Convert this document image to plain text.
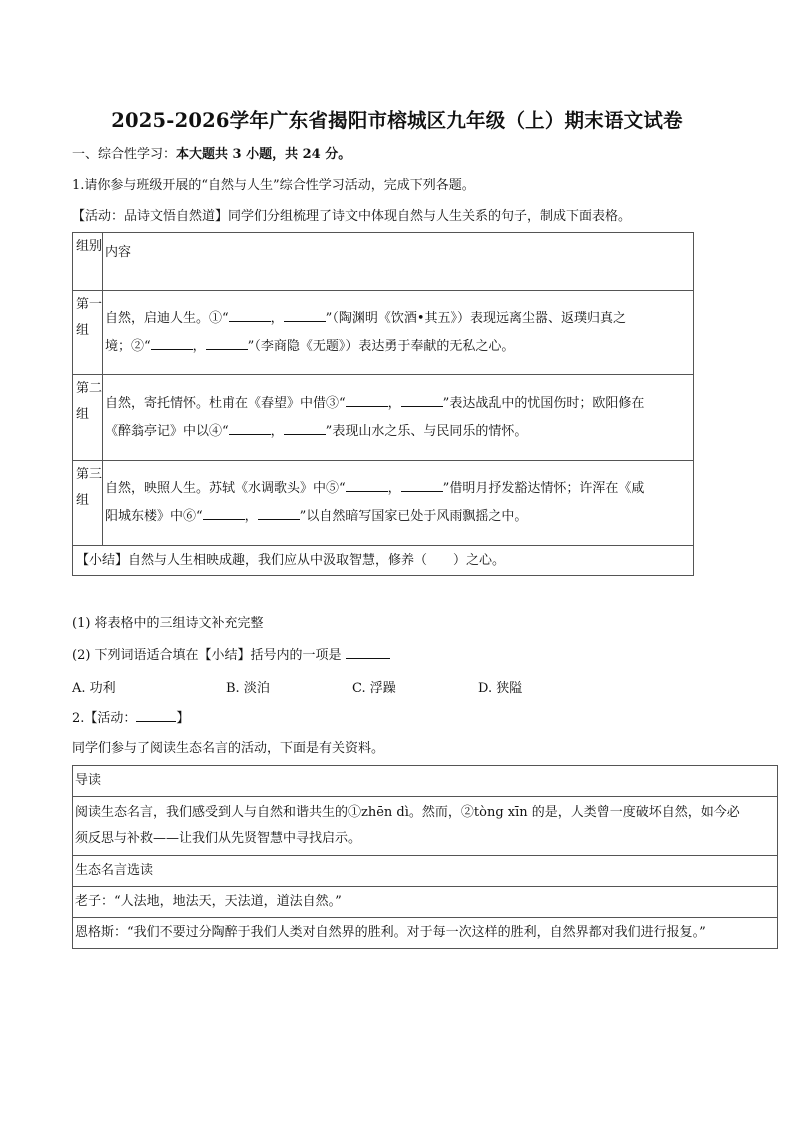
2025-2026学年广东省揭阳市榕城区九年级（上）期末语文试卷
一、综合性学习：本大题共 3 小题，共 24 分。
1.请你参与班级开展的“自然与人生”综合性学习活动，完成下列各题。
【活动：品诗文悟自然道】同学们分组梳理了诗文中体现自然与人生关系的句子，制成下面表格。
组别	内容
第一组	自然，启迪人生。①“ ， ”（陶渊明《饮酒•其五》）表现远离尘嚣、返璞归真之
境；②“ ， ”（李商隐《无题》）表达勇于奉献的无私之心。
第二组	自然，寄托情怀。杜甫在《春望》中借③“ ， ”表达战乱中的忧国伤时；欧阳修在
《醉翁亭记》中以④“ ， ”表现山水之乐、与民同乐的情怀。
第三组	自然，映照人生。苏轼《水调歌头》中⑤“ ， ”借明月抒发豁达情怀；许浑在《咸
阳城东楼》中⑥“ ， ”以自然暗写国家已处于风雨飘摇之中。
【小结】自然与人生相映成趣，我们应从中汲取智慧，修养（　　）之心。	
(1) 将表格中的三组诗文补充完整
(2) 下列词语适合填在【小结】括号内的一项是
A. 功利	B. 淡泊	C. 浮躁	D. 狭隘
2.【活动：	】
同学们参与了阅读生态名言的活动，下面是有关资料。
导读
阅读生态名言，我们感受到人与自然和谐共生的①zhēn dì。然而，②tòng xīn 的是，人类曾一度破坏自然，如今必
须反思与补救——让我们从先贤智慧中寻找启示。
生态名言选读
老子：“人法地，地法天，天法道，道法自然。”
恩格斯：“我们不要过分陶醉于我们人类对自然界的胜利。对于每一次这样的胜利，自然界都对我们进行报复。”
